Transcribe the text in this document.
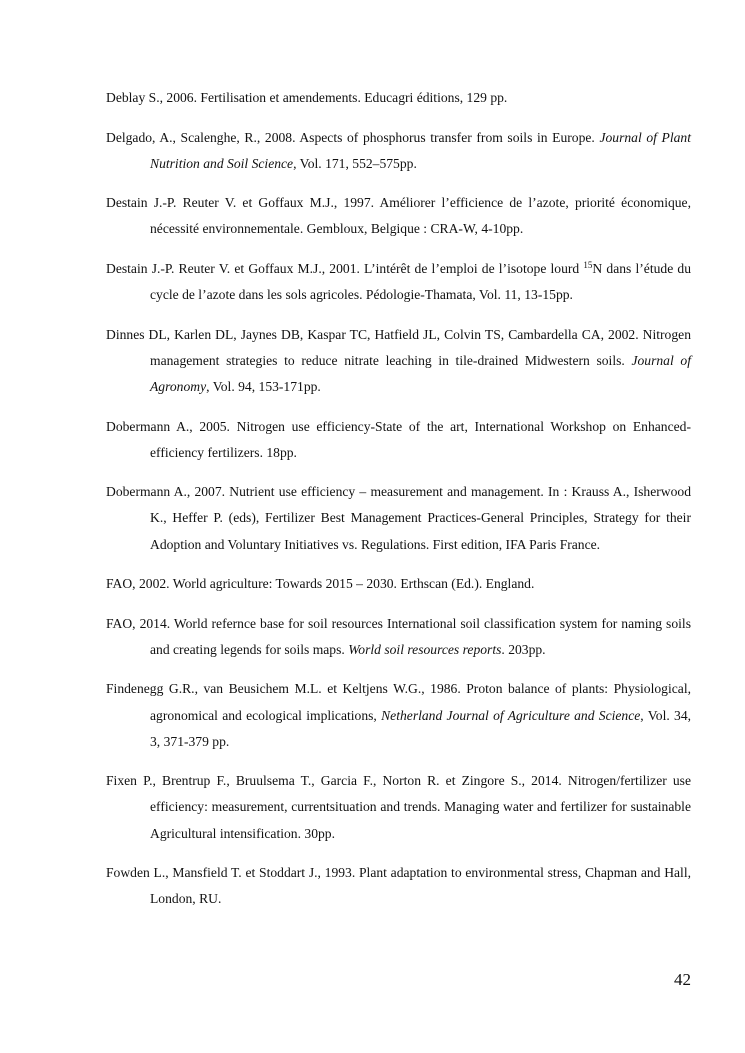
Deblay S., 2006. Fertilisation et amendements. Educagri éditions, 129 pp.

Delgado, A., Scalenghe, R., 2008. Aspects of phosphorus transfer from soils in Europe. Journal of Plant Nutrition and Soil Science, Vol. 171, 552–575pp.

Destain J.-P. Reuter V. et Goffaux M.J., 1997. Améliorer l’efficience de l’azote, priorité économique, nécessité environnementale. Gembloux, Belgique : CRA-W, 4-10pp.

Destain J.-P. Reuter V. et Goffaux M.J., 2001. L’intérêt de l’emploi de l’isotope lourd $^{15}$N dans l’étude du cycle de l’azote dans les sols agricoles. Pédologie-Thamata, Vol. 11, 13-15pp.

Dinnes DL, Karlen DL, Jaynes DB, Kaspar TC, Hatfield JL, Colvin TS, Cambardella CA, 2002. Nitrogen management strategies to reduce nitrate leaching in tile-drained Midwestern soils. Journal of Agronomy, Vol. 94, 153-171pp.

Dobermann A., 2005. Nitrogen use efficiency-State of the art, International Workshop on Enhanced-efficiency fertilizers. 18pp.

Dobermann A., 2007. Nutrient use efficiency – measurement and management. In : Krauss A., Isherwood K., Heffer P. (eds), Fertilizer Best Management Practices-General Principles, Strategy for their Adoption and Voluntary Initiatives vs. Regulations. First edition, IFA Paris France.

FAO, 2002. World agriculture: Towards 2015 – 2030. Erthscan (Ed.). England.

FAO, 2014. World refernce base for soil resources International soil classification system for naming soils and creating legends for soils maps. World soil resources reports. 203pp.

Findenegg G.R., van Beusichem M.L. et Keltjens W.G., 1986. Proton balance of plants: Physiological, agronomical and ecological implications, Netherland Journal of Agriculture and Science, Vol. 34, 3, 371-379 pp.

Fixen P., Brentrup F., Bruulsema T., Garcia F., Norton R. et Zingore S., 2014. Nitrogen/fertilizer use efficiency: measurement, currentsituation and trends. Managing water and fertilizer for sustainable Agricultural intensification. 30pp.

Fowden L., Mansfield T. et Stoddart J., 1993. Plant adaptation to environmental stress, Chapman and Hall, London, RU.

42
